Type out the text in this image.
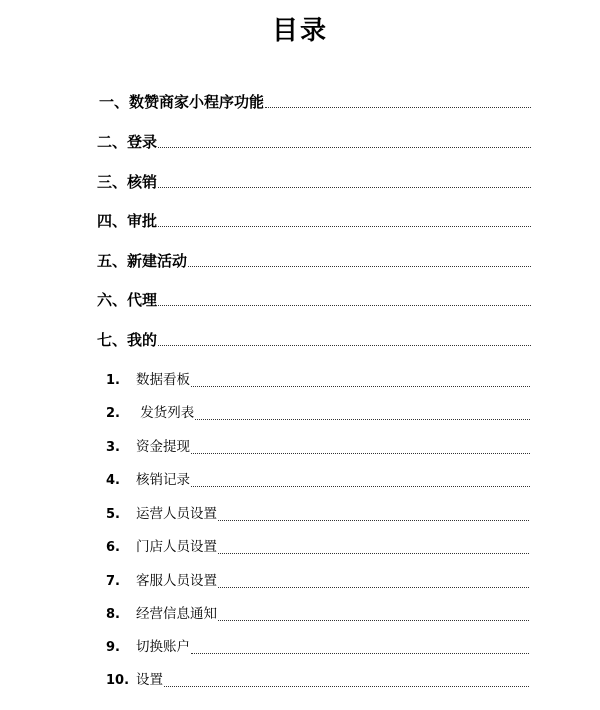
目录
一、数赞商家小程序功能
二、登录
三、核销
四、审批
五、新建活动
六、代理
七、我的
1. 数据看板
2. 发货列表
3. 资金提现
4. 核销记录
5. 运营人员设置
6. 门店人员设置
7. 客服人员设置
8. 经营信息通知
9. 切换账户
10. 设置
